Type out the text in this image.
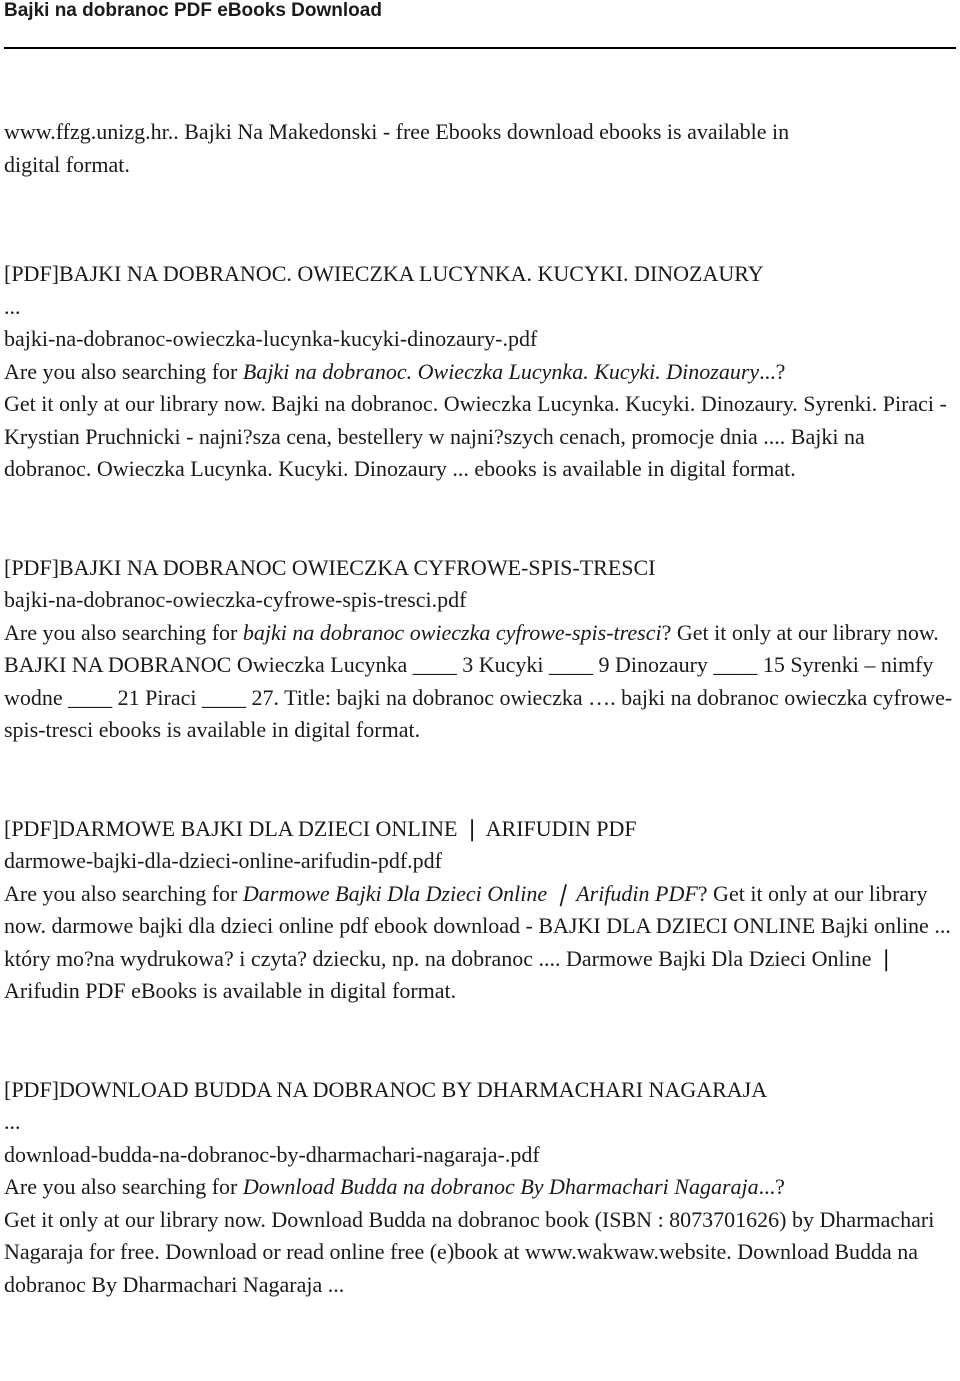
Bajki na dobranoc PDF eBooks Download

www.ffzg.unizg.hr.. Bajki Na Makedonski - free Ebooks download ebooks is available in
digital format.

[PDF]BAJKI NA DOBRANOC. OWIECZKA LUCYNKA. KUCYKI. DINOZAURY
...
bajki-na-dobranoc-owieczka-lucynka-kucyki-dinozaury-.pdf
Are you also searching for Bajki na dobranoc. Owieczka Lucynka. Kucyki. Dinozaury...?
Get it only at our library now. Bajki na dobranoc. Owieczka Lucynka. Kucyki. Dinozaury. Syrenki. Piraci - Krystian Pruchnicki - najni?sza cena, bestellery w najni?szych cenach, promocje dnia .... Bajki na dobranoc. Owieczka Lucynka. Kucyki. Dinozaury ... ebooks is available in digital format.

[PDF]BAJKI NA DOBRANOC OWIECZKA CYFROWE-SPIS-TRESCI
bajki-na-dobranoc-owieczka-cyfrowe-spis-tresci.pdf
Are you also searching for bajki na dobranoc owieczka cyfrowe-spis-tresci? Get it only at our library now. BAJKI NA DOBRANOC Owieczka Lucynka ____ 3 Kucyki ____ 9 Dinozaury ____ 15 Syrenki – nimfy wodne ____ 21 Piraci ____ 27. Title: bajki na dobranoc owieczka …. bajki na dobranoc owieczka cyfrowe-spis-tresci ebooks is available in digital format.

[PDF]DARMOWE BAJKI DLA DZIECI ONLINE ❘ ARIFUDIN PDF
darmowe-bajki-dla-dzieci-online-arifudin-pdf.pdf
Are you also searching for Darmowe Bajki Dla Dzieci Online ❘ Arifudin PDF? Get it only at our library now. darmowe bajki dla dzieci online pdf ebook download - BAJKI DLA DZIECI ONLINE Bajki online ... który mo?na wydrukowa? i czyta? dziecku, np. na dobranoc .... Darmowe Bajki Dla Dzieci Online ❘ Arifudin PDF eBooks is available in digital format.

[PDF]DOWNLOAD BUDDA NA DOBRANOC BY DHARMACHARI NAGARAJA
...
download-budda-na-dobranoc-by-dharmachari-nagaraja-.pdf
Are you also searching for Download Budda na dobranoc By Dharmachari Nagaraja...?
Get it only at our library now. Download Budda na dobranoc book (ISBN : 8073701626) by Dharmachari Nagaraja for free. Download or read online free (e)book at www.wakwaw.website. Download Budda na dobranoc By Dharmachari Nagaraja ...
